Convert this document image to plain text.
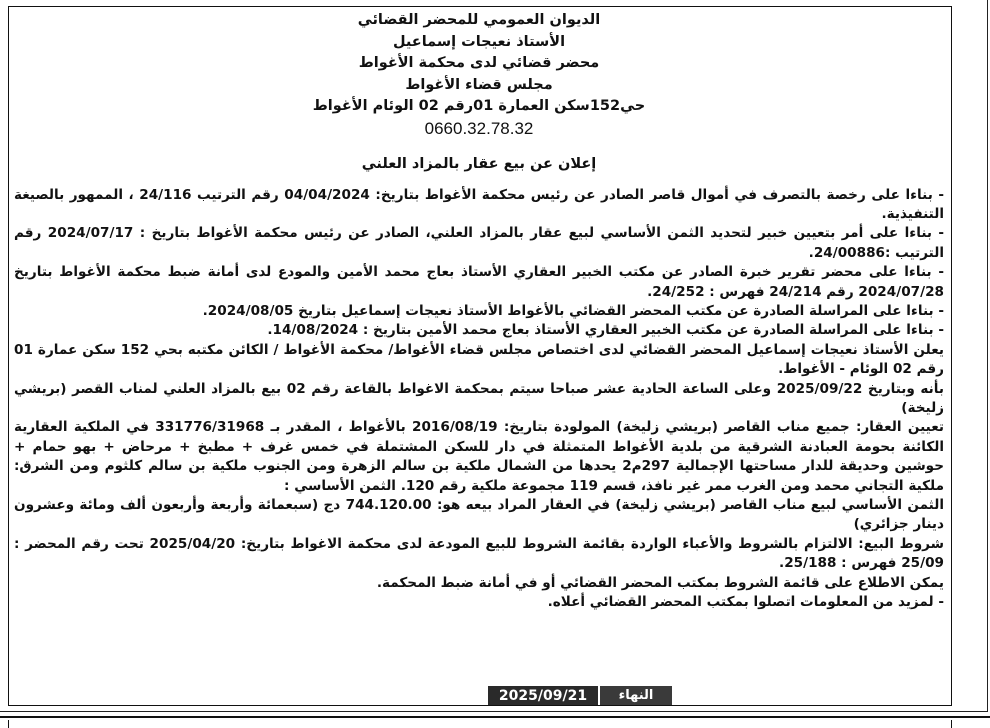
الديوان العمومي للمحضر القضائي
الأستاذ نعيجات إسماعيل
محضر قضائي لدى محكمة الأغواط
مجلس قضاء الأغواط
حي152سكن العمارة 01رقم 02 الوئام الأغواط
0660.32.78.32
إعلان عن بيع عقار بالمزاد العلني

- بناءا على رخصة بالتصرف في أموال قاصر الصادر عن رئيس محكمة الأغواط بتاريخ: 04/04/2024 رقم الترتيب 24/116 ، الممهور بالصيغة التنفيذية.

- بناءا على أمر بتعيين خبير لتحديد الثمن الأساسي لبيع عقار بالمزاد العلني، الصادر عن رئيس محكمة الأغواط بتاريخ : 2024/07/17 رقم الترتيب :24/00886.

- بناءا على محضر تقرير خبرة الصادر عن مكتب الخبير العقاري الأستاذ بعاج محمد الأمين والمودع لدى أمانة ضبط محكمة الأغواط بتاريخ 2024/07/28 رقم 24/214 فهرس : 24/252.

- بناءا على المراسلة الصادرة عن مكتب المحضر القضائي بالأغواط الأستاذ نعيجات إسماعيل بتاريخ 2024/08/05.

- بناءا على المراسلة الصادرة عن مكتب الخبير العقاري الأستاذ بعاج محمد الأمين بتاريخ : 14/08/2024.

يعلن الأستاذ نعيجات إسماعيل المحضر القضائي لدى اختصاص مجلس قضاء الأغواط/ محكمة الأغواط / الكائن مكتبه بحي 152 سكن عمارة 01 رقم 02 الوئام - الأغواط.

بأنه وبتاريخ 2025/09/22 وعلى الساعة الحادية عشر صباحا سيتم بمحكمة الاغواط بالقاعة رقم 02 بيع بالمزاد العلني لمناب القصر (بريشي زليخة)

تعيين العقار: جميع مناب القاصر (بريشي زليخة) المولودة بتاريخ: 2016/08/19 بالأغواط ، المقدر بـ 331776/31968 في الملكية العقارية الكائنة بحومة العبادنة الشرقية من بلدية الأغواط المتمثلة في دار للسكن المشتملة في خمس غرف + مطبخ + مرحاض + بهو حمام + حوشين وحديقة للدار مساحتها الإجمالية 297م2 يحدها من الشمال ملكية بن سالم الزهرة ومن الجنوب ملكية بن سالم كلثوم ومن الشرق: ملكية التجاني محمد ومن الغرب ممر غير نافذ، قسم 119 مجموعة ملكية رقم 120. الثمن الأساسي :

الثمن الأساسي لبيع مناب القاصر (بريشي زليخة) في العقار المراد بيعه هو: 744.120.00 دج (سبعمائة وأربعة وأربعون ألف ومائة وعشرون دينار جزائري)

شروط البيع: الالتزام بالشروط والأعباء الواردة بقائمة الشروط للبيع المودعة لدى محكمة الاغواط بتاريخ: 2025/04/20 تحت رقم المحضر : 25/09 فهرس : 25/188.

يمكن الاطلاع على قائمة الشروط بمكتب المحضر القضائي أو في أمانة ضبط المحكمة.

- لمزيد من المعلومات اتصلوا بمكتب المحضر القضائي أعلاه.

2025/09/21	النهاء
